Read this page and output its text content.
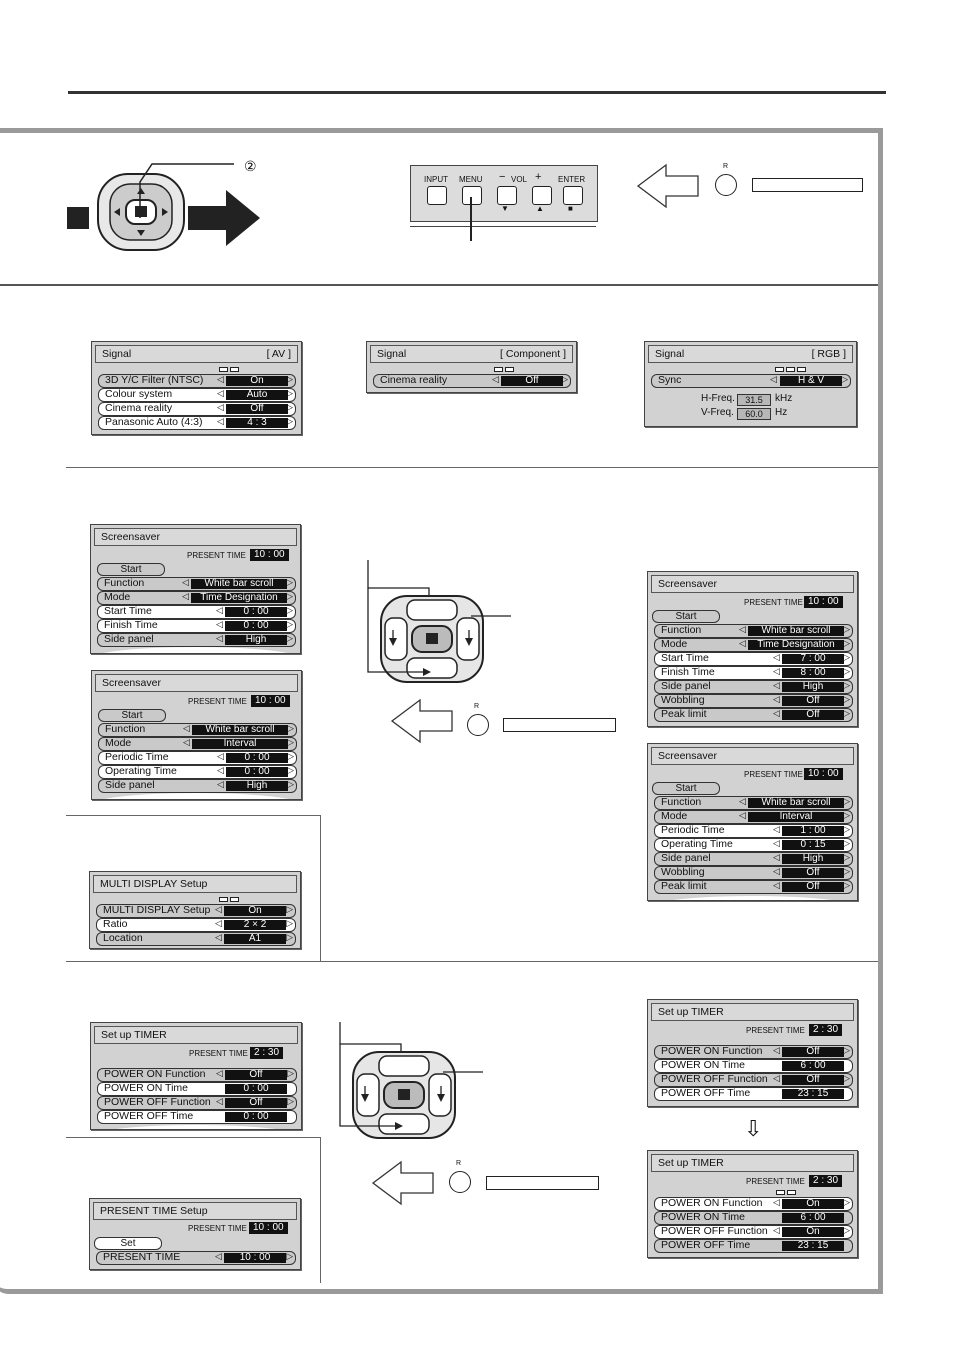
②
INPUT MENU − VOL + ENTER
▼	▲	■
R
Signal	[ AV ]
3D Y/C Filter (NTSC) ◁	On	▷
Colour system	◁	Auto	▷
Cinema reality	◁	Off	▷
Panasonic Auto (4:3) ◁	4 : 3	▷
Signal	[ Component ]
Cinema reality	◁	Off	▷
Signal	[ RGB ]
Sync	◁	H & V	▷
H-Freq.	31.5	kHz
V-Freq.	60.0	Hz
Screensaver
PRESENT TIME 10 : 00
Start
Function	◁	White bar scroll	▷
Mode	◁	Time Designation ▷
Start Time	◁	0 : 00	▷
Finish Time	◁	0 : 00	▷
Side panel	◁	High	▷
Screensaver
PRESENT TIME 10 : 00
Start
Function	◁	White bar scroll	▷
Mode	◁	Interval	▷
Periodic Time	◁	0 : 00	▷
Operating Time	◁	0 : 00	▷
Side panel	◁	High	▷
R
Screensaver
PRESENT TIME 10 : 00
Start
Function	◁	White bar scroll	▷
Mode	◁	Time Designation ▷
Start Time	◁	7 : 00	▷
Finish Time	◁	8 : 00	▷
Side panel	◁	High	▷
Wobbling	◁	Off	▷
Peak limit	◁	Off	▷
Screensaver
PRESENT TIME 10 : 00
Start
Function	◁	White bar scroll	▷
Mode	◁	Interval	▷
Periodic Time	◁	1 : 00	▷
Operating Time	◁	0 : 15	▷
Side panel	◁	High	▷
Wobbling	◁	Off	▷
Peak limit	◁	Off	▷
MULTI DISPLAY Setup
MULTI DISPLAY Setup ◁	On	▷
Ratio	◁	2 × 2	▷
Location	◁	A1	▷
Set up TIMER
PRESENT TIME 2 : 30
POWER ON Function ◁	Off	▷
POWER ON Time	0 : 00
POWER OFF Function ◁	Off	▷
POWER OFF Time	0 : 00
R
PRESENT TIME Setup
PRESENT TIME 10 : 00
Set
PRESENT TIME	◁	10 : 00	▷
Set up TIMER
PRESENT TIME 2 : 30
POWER ON Function ◁	Off	▷
POWER ON Time	6 : 00
POWER OFF Function ◁	Off	▷
POWER OFF Time	23 : 15
⇩
Set up TIMER
PRESENT TIME 2 : 30
POWER ON Function ◁	On	▷
POWER ON Time	6 : 00
POWER OFF Function ◁	On	▷
POWER OFF Time	23 : 15
